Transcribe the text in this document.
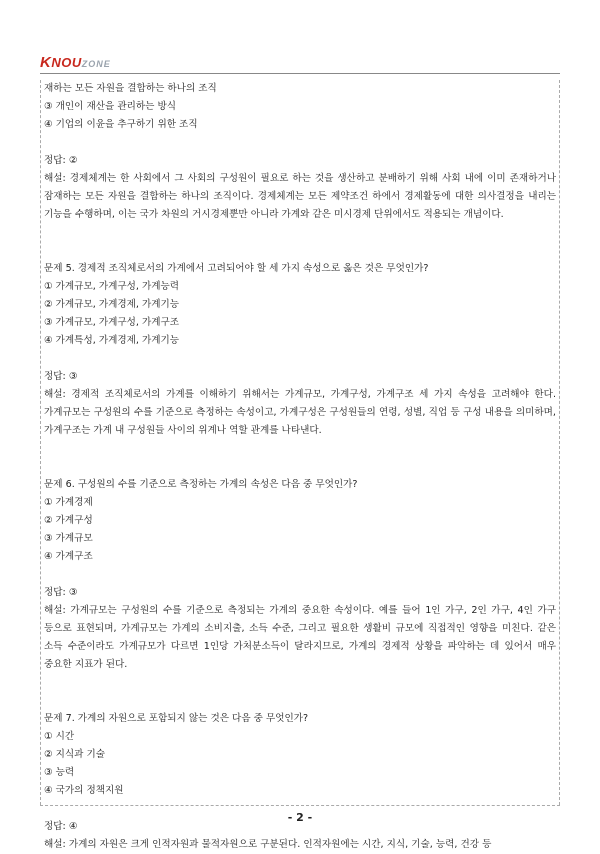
KNOUZONE

재하는 모든 자원을 결합하는 하나의 조직

③ 개인이 재산을 관리하는 방식

④ 기업의 이윤을 추구하기 위한 조직

정답: ②

해설: 경제체계는 한 사회에서 그 사회의 구성원이 필요로 하는 것을 생산하고 분배하기 위해 사회 내에 이미 존재하거나 잠재하는 모든 자원을 결합하는 하나의 조직이다. 경제체계는 모든 제약조건 하에서 경제활동에 대한 의사결정을 내리는 기능을 수행하며, 이는 국가 차원의 거시경제뿐만 아니라 가계와 같은 미시경제 단위에서도 적용되는 개념이다.

문제 5. 경제적 조직체로서의 가계에서 고려되어야 할 세 가지 속성으로 옳은 것은 무엇인가?

① 가계규모, 가계구성, 가계능력

② 가계규모, 가계경제, 가계기능

③ 가계규모, 가계구성, 가계구조

④ 가계특성, 가계경제, 가계기능

정답: ③

해설: 경제적 조직체로서의 가계를 이해하기 위해서는 가계규모, 가계구성, 가계구조 세 가지 속성을 고려해야 한다. 가계규모는 구성원의 수를 기준으로 측정하는 속성이고, 가계구성은 구성원들의 연령, 성별, 직업 등 구성 내용을 의미하며, 가계구조는 가계 내 구성원들 사이의 위계나 역할 관계를 나타낸다.

문제 6. 구성원의 수를 기준으로 측정하는 가계의 속성은 다음 중 무엇인가?

① 가계경제

② 가계구성

③ 가계규모

④ 가계구조

정답: ③

해설: 가계규모는 구성원의 수를 기준으로 측정되는 가계의 중요한 속성이다. 예를 들어 1인 가구, 2인 가구, 4인 가구 등으로 표현되며, 가계규모는 가계의 소비지출, 소득 수준, 그리고 필요한 생활비 규모에 직접적인 영향을 미친다. 같은 소득 수준이라도 가계규모가 다르면 1인당 가처분소득이 달라지므로, 가계의 경제적 상황을 파악하는 데 있어서 매우 중요한 지표가 된다.

문제 7. 가계의 자원으로 포함되지 않는 것은 다음 중 무엇인가?

① 시간

② 지식과 기술

③ 능력

④ 국가의 정책지원

정답: ④

해설: 가계의 자원은 크게 인적자원과 물적자원으로 구분된다. 인적자원에는 시간, 지식, 기술, 능력, 건강 등

- 2 -
